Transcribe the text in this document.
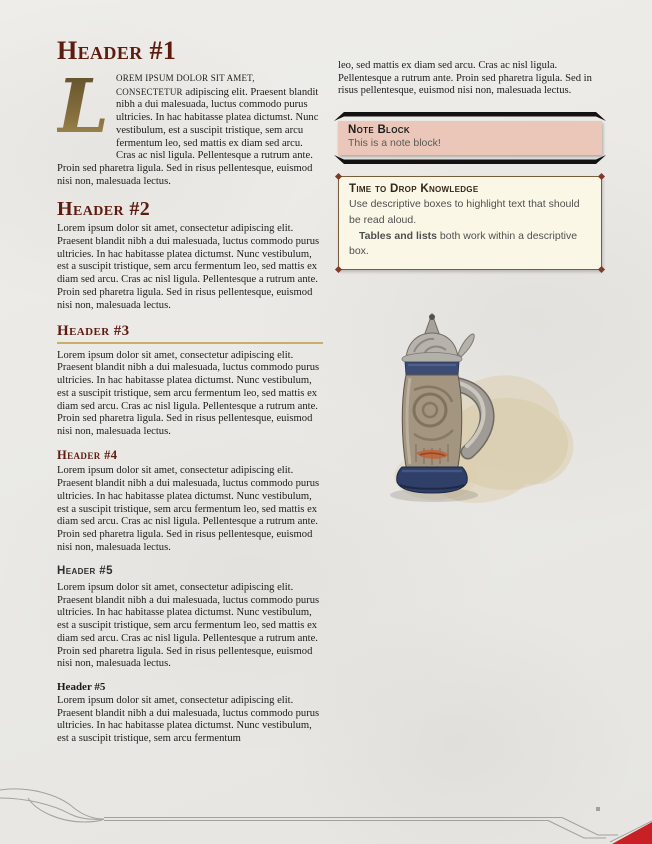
Header #1

L OREM IPSUM DOLOR SIT AMET, CONSECTETUR adipiscing elit. Praesent blandit nibh a dui malesuada, luctus commodo purus ultricies. In hac habitasse platea dictumst. Nunc vestibulum, est a suscipit tristique, sem arcu fermentum leo, sed mattis ex diam sed arcu. Cras ac nisl ligula. Pellentesque a rutrum ante. Proin sed pharetra ligula. Sed in risus pellentesque, euismod nisi non, malesuada lectus.

Header #2

Lorem ipsum dolor sit amet, consectetur adipiscing elit. Praesent blandit nibh a dui malesuada, luctus commodo purus ultricies. In hac habitasse platea dictumst. Nunc vestibulum, est a suscipit tristique, sem arcu fermentum leo, sed mattis ex diam sed arcu. Cras ac nisl ligula. Pellentesque a rutrum ante. Proin sed pharetra ligula. Sed in risus pellentesque, euismod nisi non, malesuada lectus.

Header #3

Lorem ipsum dolor sit amet, consectetur adipiscing elit. Praesent blandit nibh a dui malesuada, luctus commodo purus ultricies. In hac habitasse platea dictumst. Nunc vestibulum, est a suscipit tristique, sem arcu fermentum leo, sed mattis ex diam sed arcu. Cras ac nisl ligula. Pellentesque a rutrum ante. Proin sed pharetra ligula. Sed in risus pellentesque, euismod nisi non, malesuada lectus.

Header #4

Lorem ipsum dolor sit amet, consectetur adipiscing elit. Praesent blandit nibh a dui malesuada, luctus commodo purus ultricies. In hac habitasse platea dictumst. Nunc vestibulum, est a suscipit tristique, sem arcu fermentum leo, sed mattis ex diam sed arcu. Cras ac nisl ligula. Pellentesque a rutrum ante. Proin sed pharetra ligula. Sed in risus pellentesque, euismod nisi non, malesuada lectus.

Header #5

Lorem ipsum dolor sit amet, consectetur adipiscing elit. Praesent blandit nibh a dui malesuada, luctus commodo purus ultricies. In hac habitasse platea dictumst. Nunc vestibulum, est a suscipit tristique, sem arcu fermentum leo, sed mattis ex diam sed arcu. Cras ac nisl ligula. Pellentesque a rutrum ante. Proin sed pharetra ligula. Sed in risus pellentesque, euismod nisi non, malesuada lectus.

Header #5

Lorem ipsum dolor sit amet, consectetur adipiscing elit. Praesent blandit nibh a dui malesuada, luctus commodo purus ultricies. In hac habitasse platea dictumst. Nunc vestibulum, est a suscipit tristique, sem arcu fermentum

leo, sed mattis ex diam sed arcu. Cras ac nisl ligula. Pellentesque a rutrum ante. Proin sed pharetra ligula. Sed in risus pellentesque, euismod nisi non, malesuada lectus.

Note Block
This is a note block!
Time to Drop Knowledge

Use descriptive boxes to highlight text that should be read aloud.

Tables and lists both work within a descriptive box.
